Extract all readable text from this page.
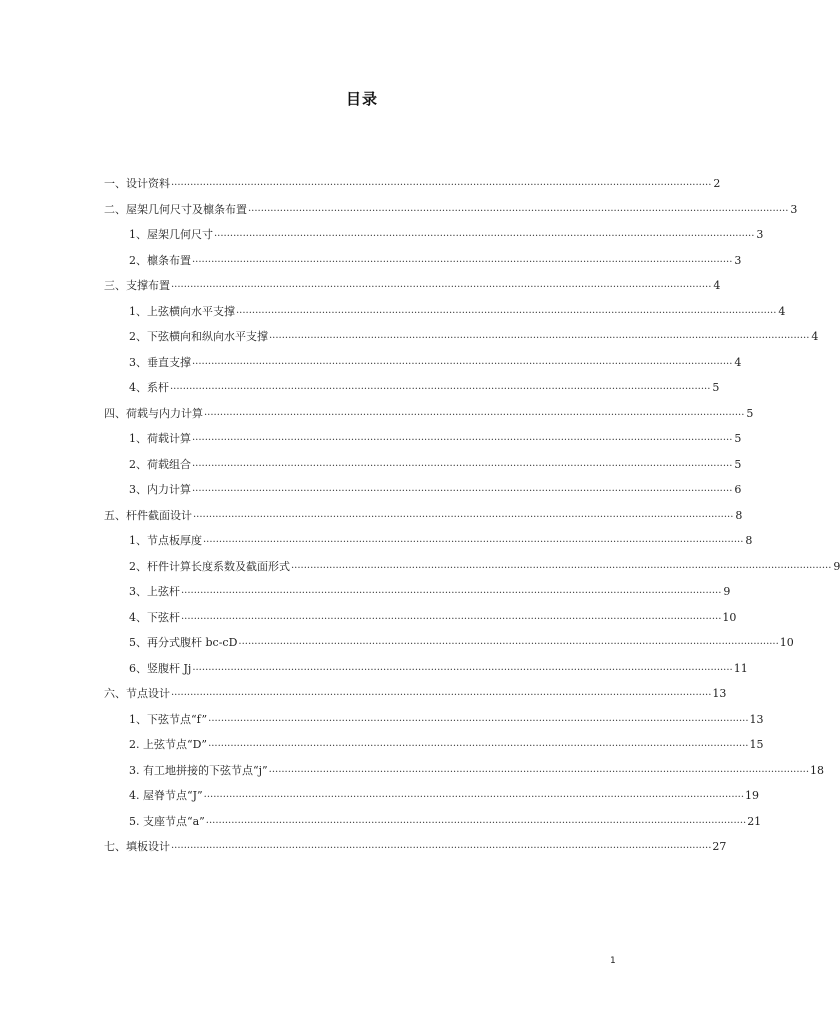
目录
一、设计资料 .......................................................................................................................................................................... 2
二、屋架几何尺寸及檩条布置 .......................................................................................................................................................................... 3
1、屋架几何尺寸 .......................................................................................................................................................................... 3
2、檩条布置 .......................................................................................................................................................................... 3
三、支撑布置 .......................................................................................................................................................................... 4
1、上弦横向水平支撑 .......................................................................................................................................................................... 4
2、下弦横向和纵向水平支撑 .......................................................................................................................................................................... 4
3、垂直支撑 .......................................................................................................................................................................... 4
4、系杆 .......................................................................................................................................................................... 5
四、荷载与内力计算 .......................................................................................................................................................................... 5
1、荷载计算 .......................................................................................................................................................................... 5
2、荷载组合 .......................................................................................................................................................................... 5
3、内力计算 .......................................................................................................................................................................... 6
五、杆件截面设计 .......................................................................................................................................................................... 8
1、节点板厚度 .......................................................................................................................................................................... 8
2、杆件计算长度系数及截面形式 .......................................................................................................................................................................... 9
3、上弦杆 .......................................................................................................................................................................... 9
4、下弦杆 .......................................................................................................................................................................... 10
5、再分式腹杆 bc-cD .......................................................................................................................................................................... 10
6、竖腹杆 Jj .......................................................................................................................................................................... 11
六、节点设计 .......................................................................................................................................................................... 13
1、下弦节点“f” .......................................................................................................................................................................... 13
2. 上弦节点“D” .......................................................................................................................................................................... 15
3. 有工地拼接的下弦节点“j” .......................................................................................................................................................................... 18
4. 屋脊节点“J” .......................................................................................................................................................................... 19
5. 支座节点“a” .......................................................................................................................................................................... 21
七、填板设计 .......................................................................................................................................................................... 27
1
